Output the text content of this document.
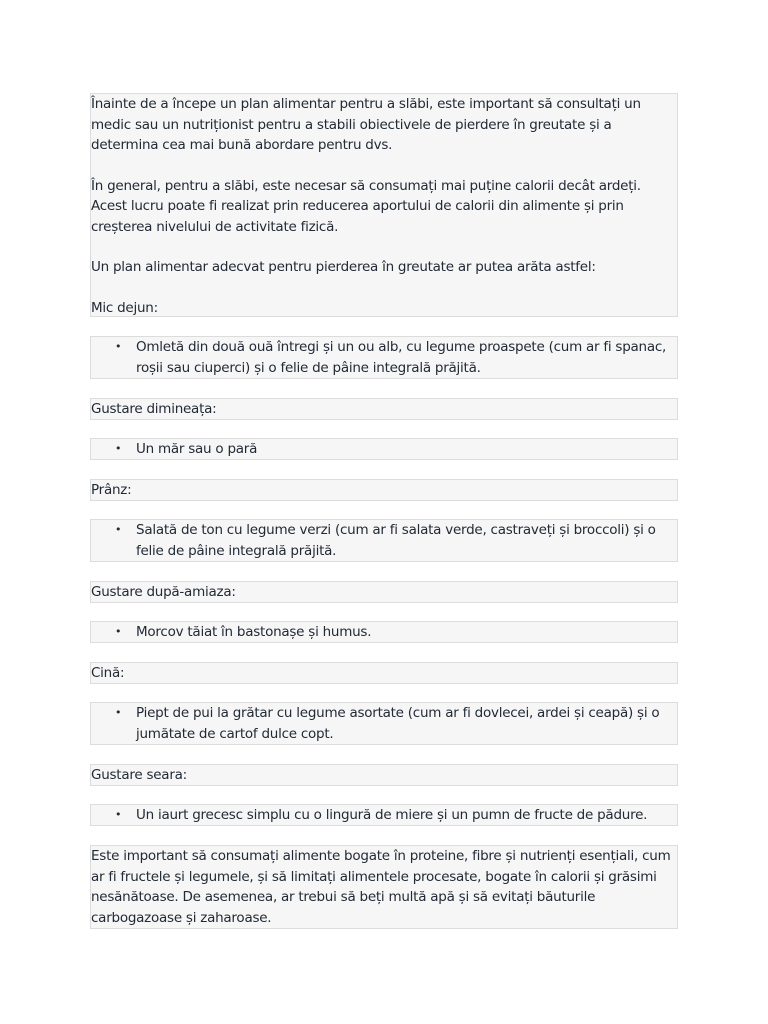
Înainte de a începe un plan alimentar pentru a slăbi, este important să consultați un medic sau un nutriționist pentru a stabili obiectivele de pierdere în greutate și a determina cea mai bună abordare pentru dvs.

În general, pentru a slăbi, este necesar să consumați mai puține calorii decât ardeți. Acest lucru poate fi realizat prin reducerea aportului de calorii din alimente și prin creșterea nivelului de activitate fizică.

Un plan alimentar adecvat pentru pierderea în greutate ar putea arăta astfel:

Mic dejun:

• Omletă din două ouă întregi și un ou alb, cu legume proaspete (cum ar fi spanac, roșii sau ciuperci) și o felie de pâine integrală prăjită.
Gustare dimineața:
• Un măr sau o pară
Prânz:
• Salată de ton cu legume verzi (cum ar fi salata verde, castraveți și broccoli) și o felie de pâine integrală prăjită.
Gustare după-amiaza:
• Morcov tăiat în bastonașe și humus.
Cină:
• Piept de pui la grătar cu legume asortate (cum ar fi dovlecei, ardei și ceapă) și o jumătate de cartof dulce copt.
Gustare seara:
• Un iaurt grecesc simplu cu o lingură de miere și un pumn de fructe de pădure.

Este important să consumați alimente bogate în proteine, fibre și nutrienți esențiali, cum ar fi fructele și legumele, și să limitați alimentele procesate, bogate în calorii și grăsimi nesănătoase. De asemenea, ar trebui să beți multă apă și să evitați băuturile carbogazoase și zaharoase.
